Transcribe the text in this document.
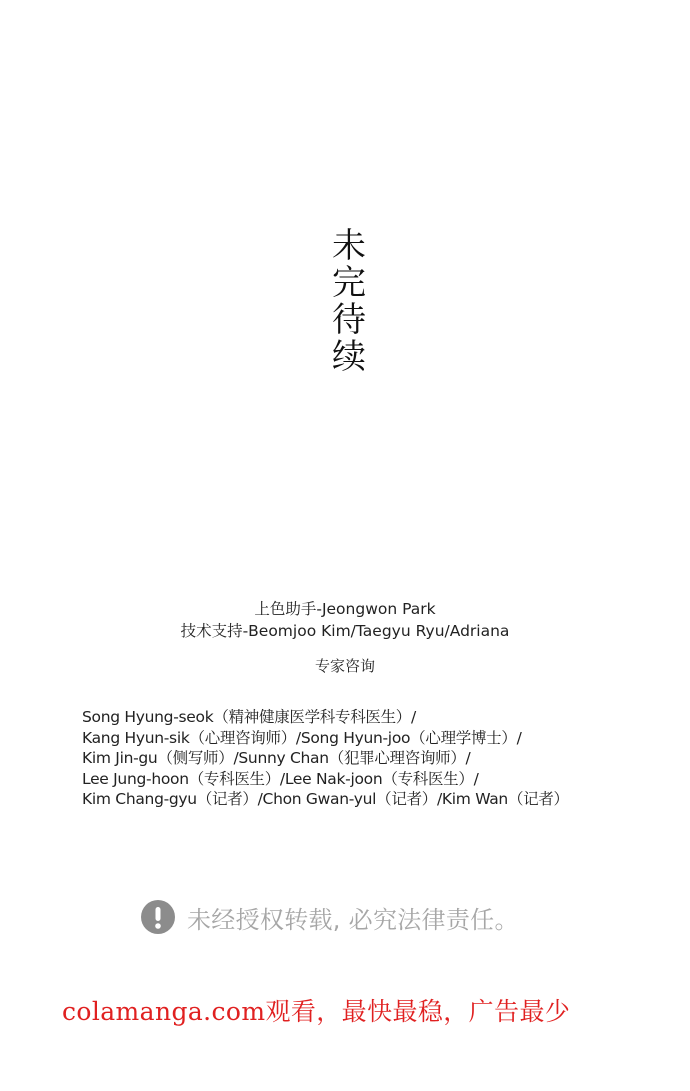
未
完
待
续
上色助手-Jeongwon Park
技术支持-Beomjoo Kim/Taegyu Ryu/Adriana
专家咨询
Song Hyung-seok（精神健康医学科专科医生）/
Kang Hyun-sik（心理咨询师）/Song Hyun-joo（心理学博士）/
Kim Jin-gu（侧写师）/Sunny Chan（犯罪心理咨询师）/
Lee Jung-hoon（专科医生）/Lee Nak-joon（专科医生）/
Kim Chang-gyu（记者）/Chon Gwan-yul（记者）/Kim Wan（记者）
未经授权转载, 必究法律责任。
colamanga.com观看，最快最稳，广告最少
